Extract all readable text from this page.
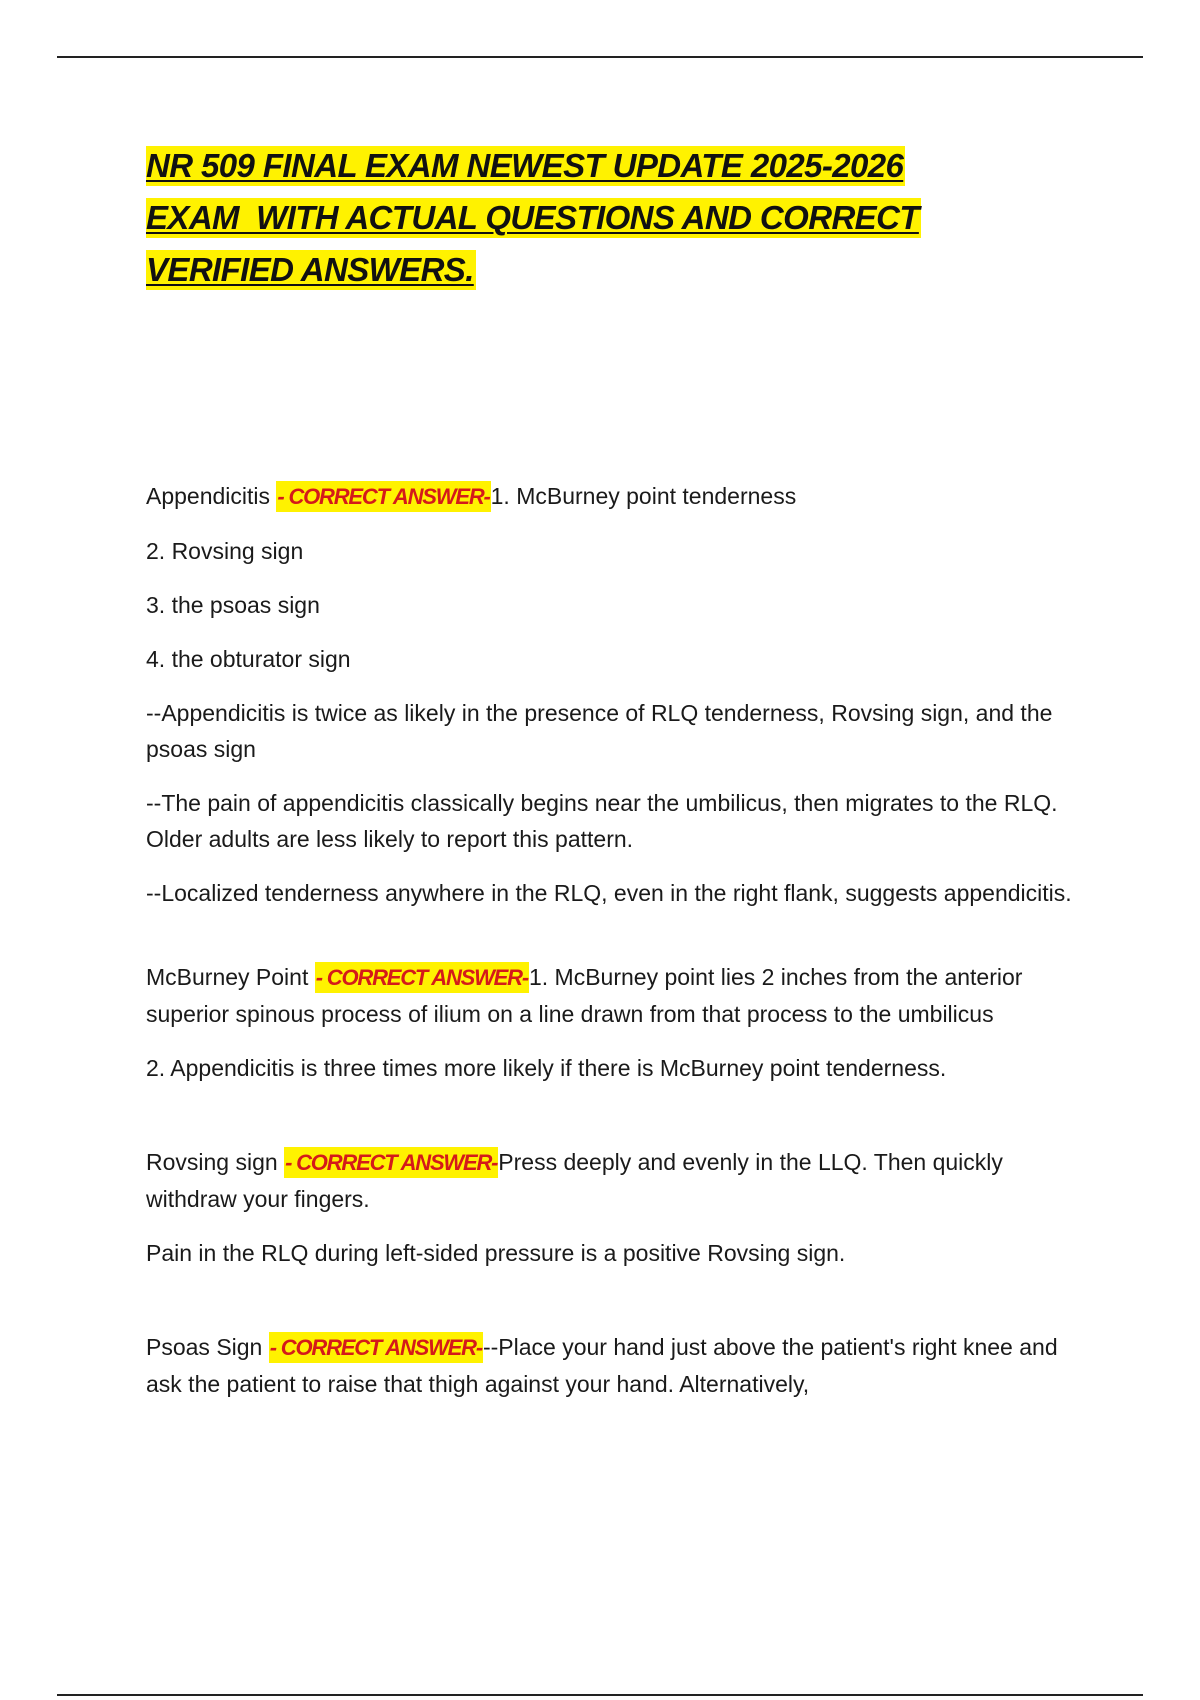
NR 509 FINAL EXAM NEWEST UPDATE 2025-2026
EXAM  WITH ACTUAL QUESTIONS AND CORRECT
VERIFIED ANSWERS.

Appendicitis - CORRECT ANSWER-1. McBurney point tenderness

2. Rovsing sign

3. the psoas sign

4. the obturator sign

--Appendicitis is twice as likely in the presence of RLQ tenderness, Rovsing sign, and the psoas sign

--The pain of appendicitis classically begins near the umbilicus, then migrates to the RLQ. Older adults are less likely to report this pattern.

--Localized tenderness anywhere in the RLQ, even in the right flank, suggests appendicitis.

McBurney Point - CORRECT ANSWER-1. McBurney point lies 2 inches from the anterior superior spinous process of ilium on a line drawn from that process to the umbilicus

2. Appendicitis is three times more likely if there is McBurney point tenderness.

Rovsing sign - CORRECT ANSWER-Press deeply and evenly in the LLQ. Then quickly withdraw your fingers.

Pain in the RLQ during left-sided pressure is a positive Rovsing sign.

Psoas Sign - CORRECT ANSWER---Place your hand just above the patient's right knee and ask the patient to raise that thigh against your hand. Alternatively,
